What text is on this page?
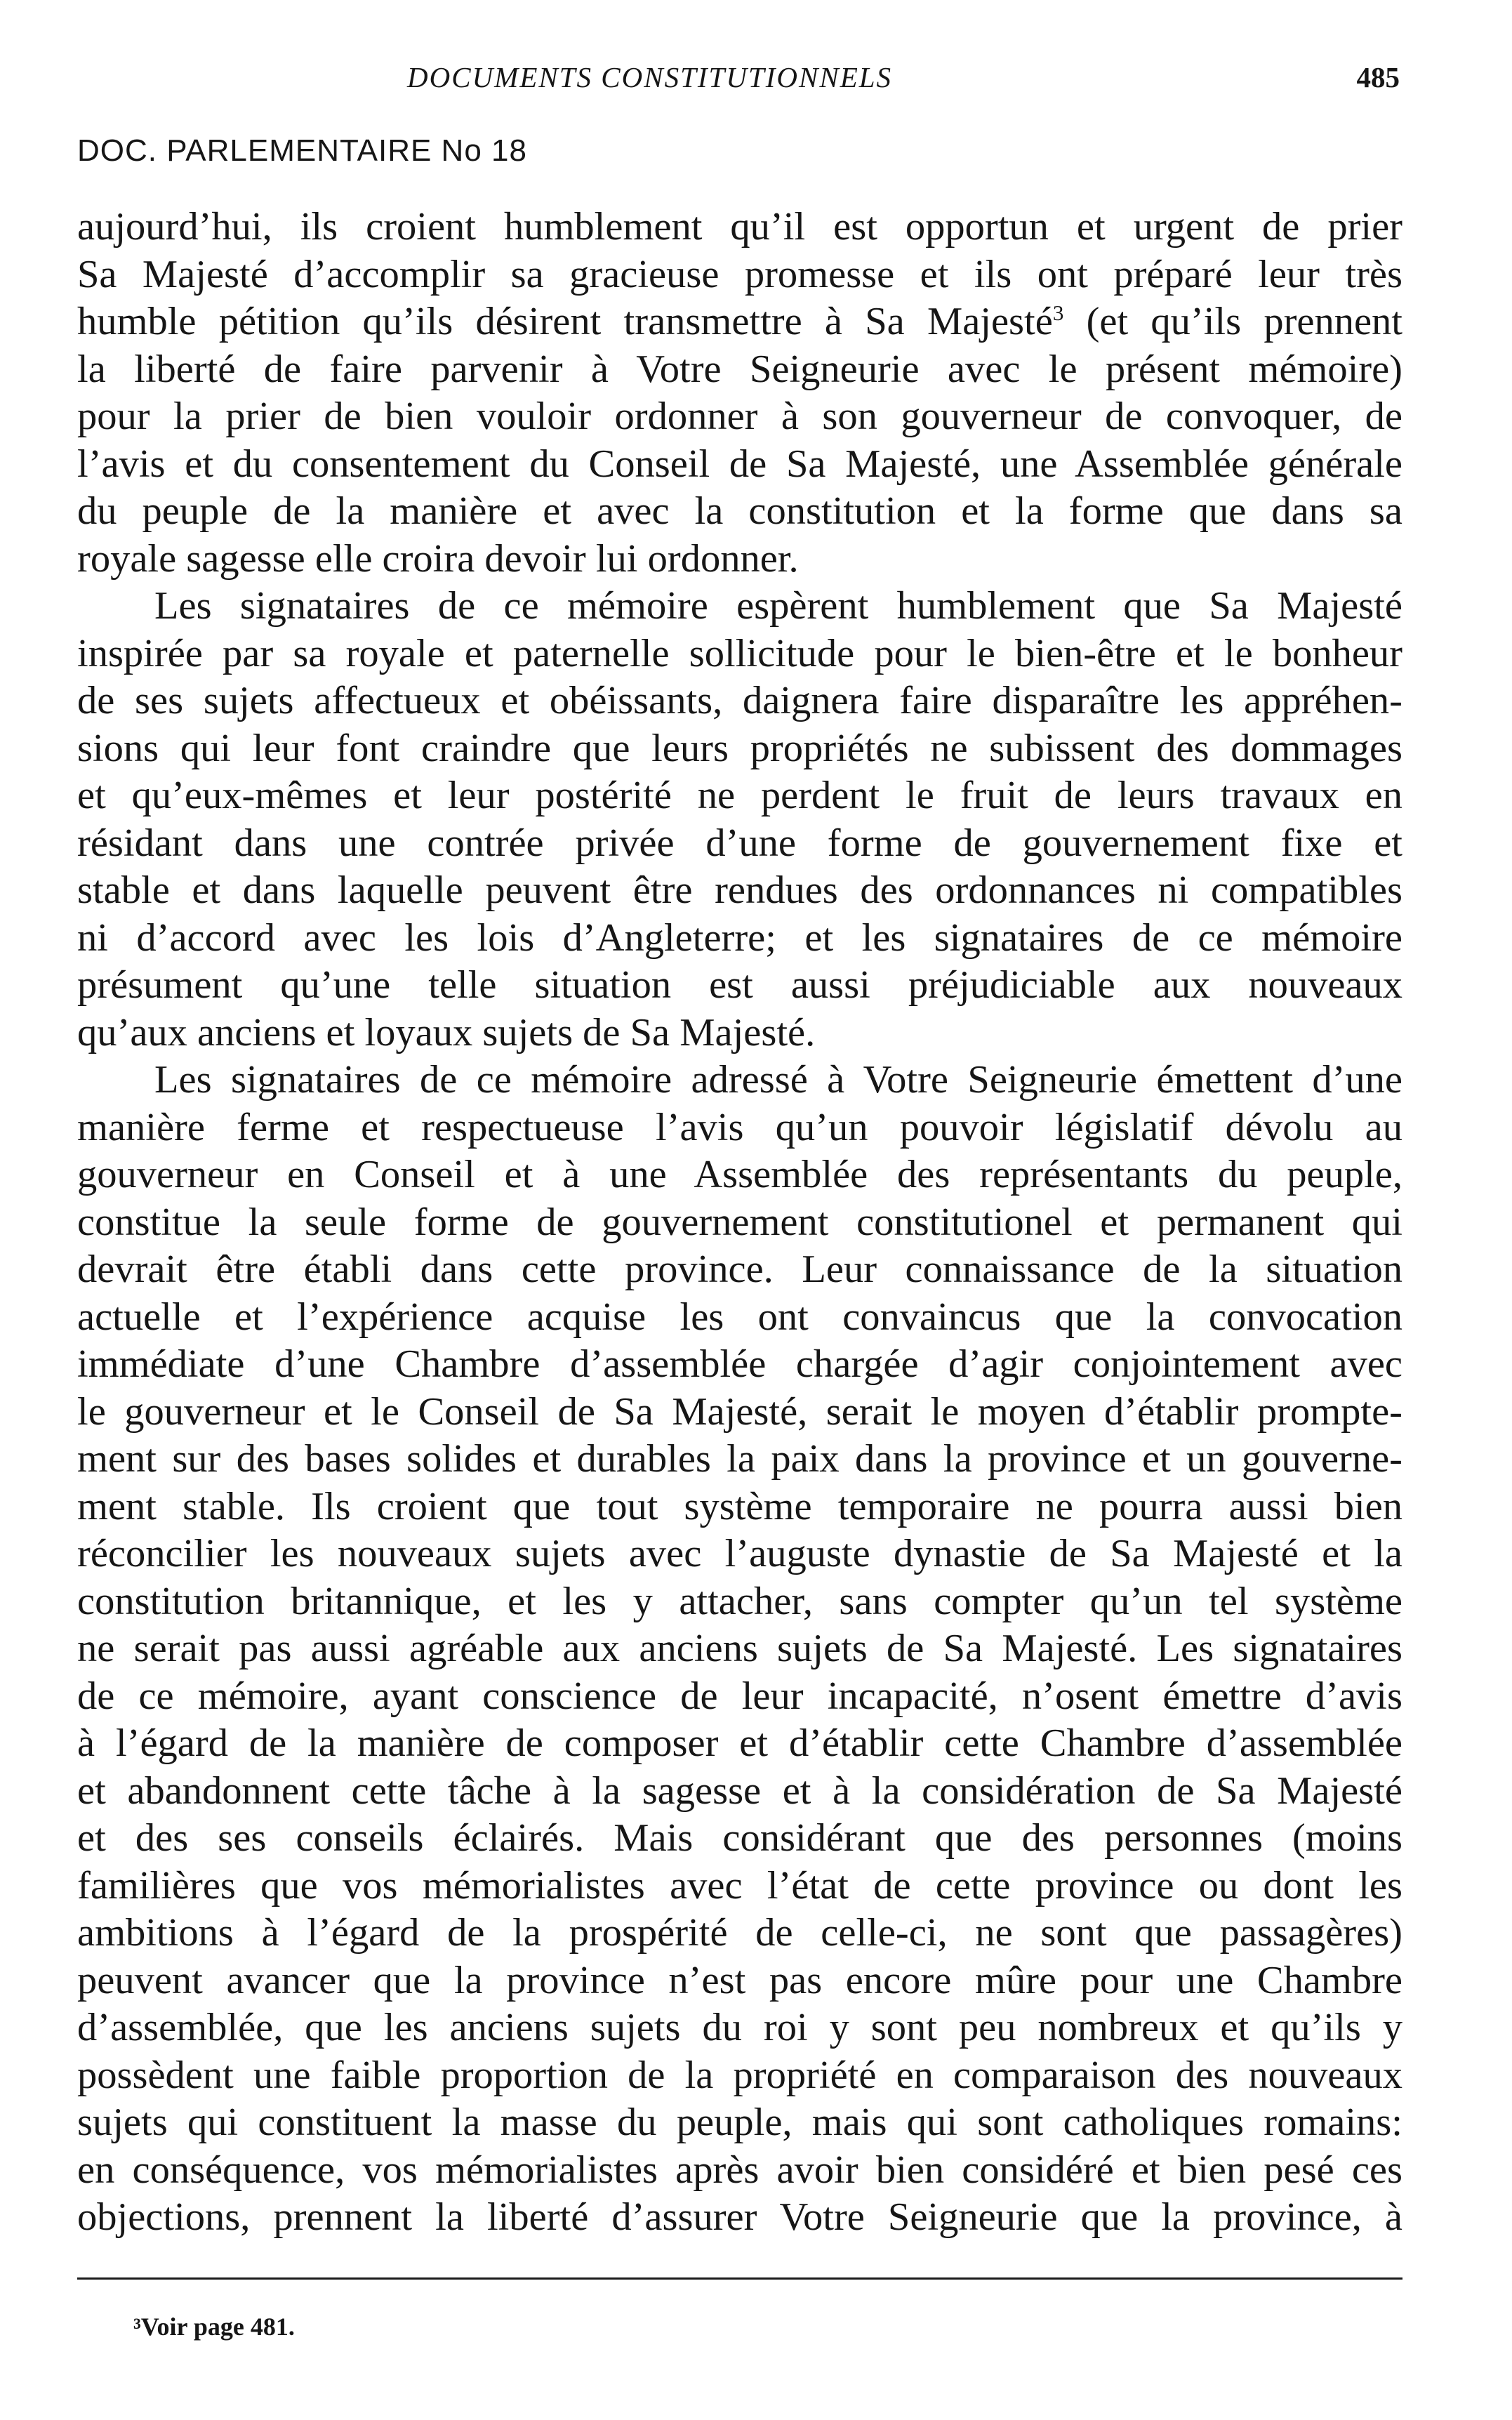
DOCUMENTS CONSTITUTIONNELS	485
DOC. PARLEMENTAIRE No 18

aujourd’hui, ils croient humblement qu’il est opportun et urgent de prier

Sa Majesté d’accomplir sa gracieuse promesse et ils ont préparé leur très

humble pétition qu’ils désirent transmettre à Sa Majesté$^3$ (et qu’ils prennent

la liberté de faire parvenir à Votre Seigneurie avec le présent mémoire)

pour la prier de bien vouloir ordonner à son gouverneur de convoquer, de

l’avis et du consentement du Conseil de Sa Majesté, une Assemblée générale

du peuple de la manière et avec la constitution et la forme que dans sa

royale sagesse elle croira devoir lui ordonner.

Les signataires de ce mémoire espèrent humblement que Sa Majesté

inspirée par sa royale et paternelle sollicitude pour le bien-être et le bonheur

de ses sujets affectueux et obéissants, daignera faire disparaître les appréhen-

sions qui leur font craindre que leurs propriétés ne subissent des dommages

et qu’eux-mêmes et leur postérité ne perdent le fruit de leurs travaux en

résidant dans une contrée privée d’une forme de gouvernement fixe et

stable et dans laquelle peuvent être rendues des ordonnances ni compatibles

ni d’accord avec les lois d’Angleterre; et les signataires de ce mémoire

présument qu’une telle situation est aussi préjudiciable aux nouveaux

qu’aux anciens et loyaux sujets de Sa Majesté.

Les signataires de ce mémoire adressé à Votre Seigneurie émettent d’une

manière ferme et respectueuse l’avis qu’un pouvoir législatif dévolu au

gouverneur en Conseil et à une Assemblée des représentants du peuple,

constitue la seule forme de gouvernement constitutionel et permanent qui

devrait être établi dans cette province. Leur connaissance de la situation

actuelle et l’expérience acquise les ont convaincus que la convocation

immédiate d’une Chambre d’assemblée chargée d’agir conjointement avec

le gouverneur et le Conseil de Sa Majesté, serait le moyen d’établir prompte-

ment sur des bases solides et durables la paix dans la province et un gouverne-

ment stable. Ils croient que tout système temporaire ne pourra aussi bien

réconcilier les nouveaux sujets avec l’auguste dynastie de Sa Majesté et la

constitution britannique, et les y attacher, sans compter qu’un tel système

ne serait pas aussi agréable aux anciens sujets de Sa Majesté. Les signataires

de ce mémoire, ayant conscience de leur incapacité, n’osent émettre d’avis

à l’égard de la manière de composer et d’établir cette Chambre d’assemblée

et abandonnent cette tâche à la sagesse et à la considération de Sa Majesté

et des ses conseils éclairés. Mais considérant que des personnes (moins

familières que vos mémorialistes avec l’état de cette province ou dont les

ambitions à l’égard de la prospérité de celle-ci, ne sont que passagères)

peuvent avancer que la province n’est pas encore mûre pour une Chambre

d’assemblée, que les anciens sujets du roi y sont peu nombreux et qu’ils y

possèdent une faible proportion de la propriété en comparaison des nouveaux

sujets qui constituent la masse du peuple, mais qui sont catholiques romains:

en conséquence, vos mémorialistes après avoir bien considéré et bien pesé ces

objections, prennent la liberté d’assurer Votre Seigneurie que la province, à

³Voir page 481.
